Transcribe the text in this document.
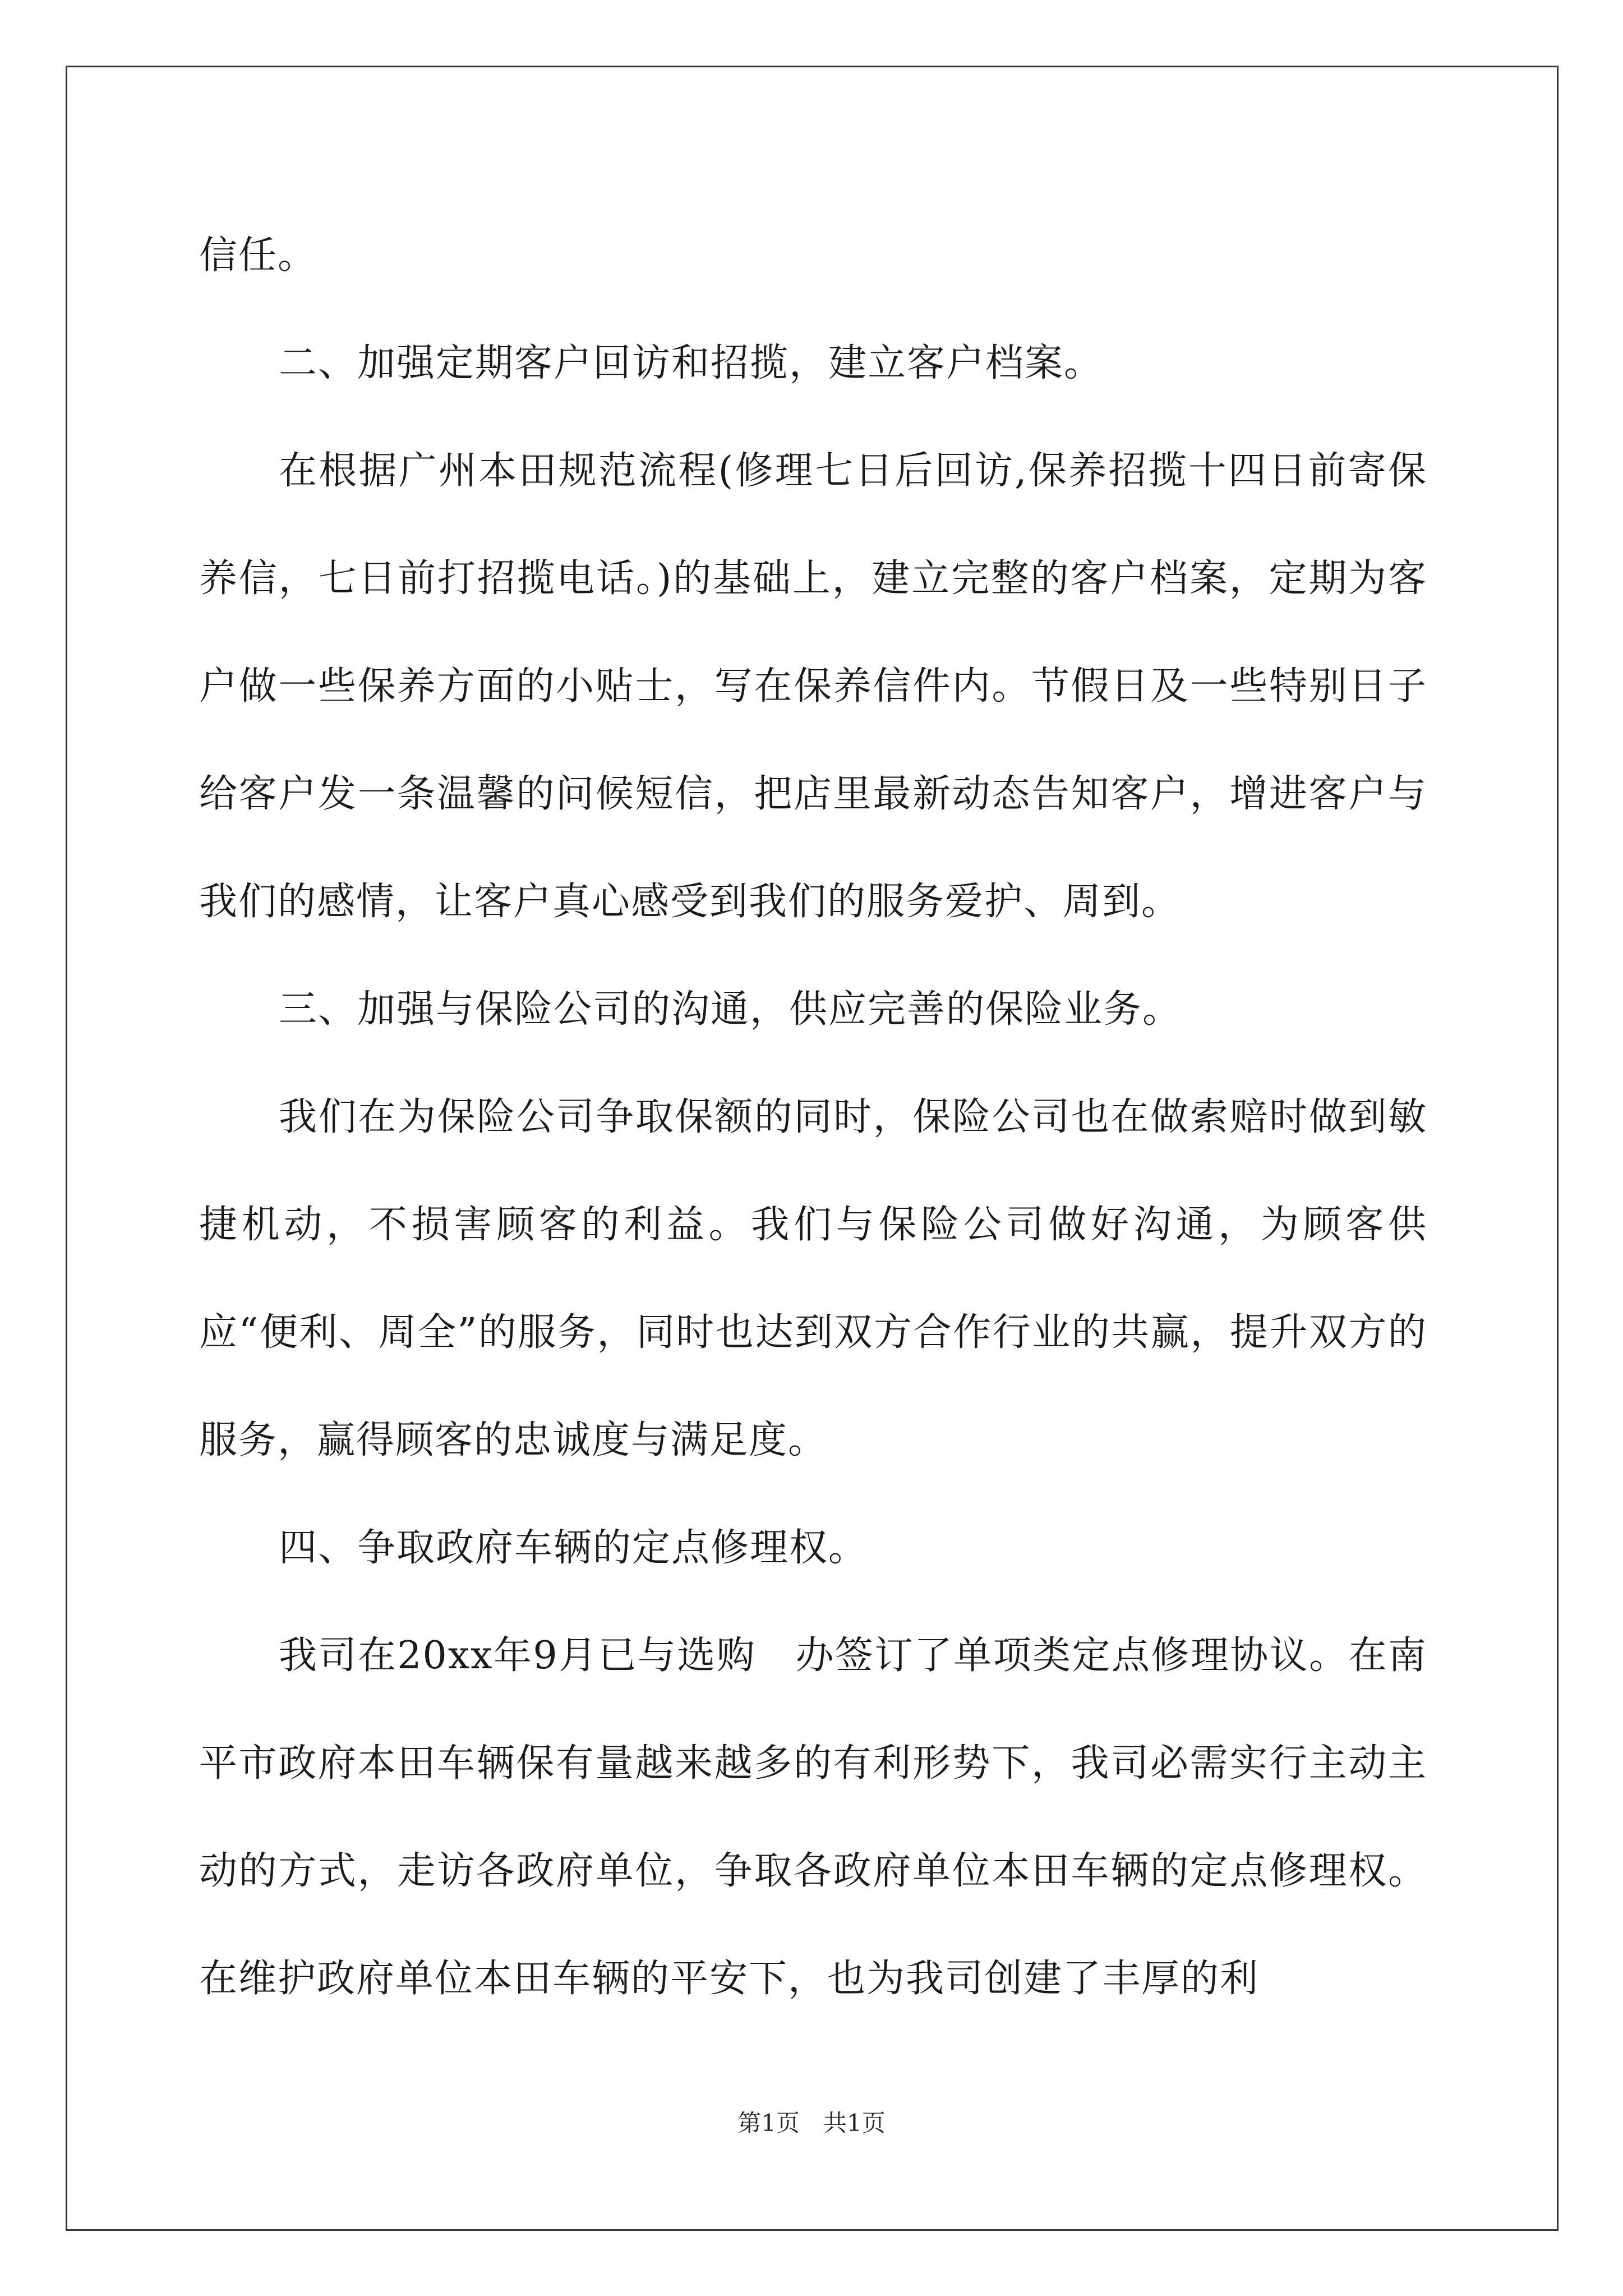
信任。

二、加强定期客户回访和招揽，建立客户档案。

在根据广州本田规范流程(修理七日后回访,保养招揽十四日前寄保养信，七日前打招揽电话。)的基础上，建立完整的客户档案，定期为客户做一些保养方面的小贴士，写在保养信件内。节假日及一些特别日子给客户发一条温馨的问候短信，把店里最新动态告知客户，增进客户与我们的感情，让客户真心感受到我们的服务爱护、周到。

三、加强与保险公司的沟通，供应完善的保险业务。

我们在为保险公司争取保额的同时，保险公司也在做索赔时做到敏捷机动，不损害顾客的利益。我们与保险公司做好沟通，为顾客供应“便利、周全”的服务，同时也达到双方合作行业的共赢，提升双方的服务，赢得顾客的忠诚度与满足度。

四、争取政府车辆的定点修理权。

我司在20xx年9月已与选购　办签订了单项类定点修理协议。在南平市政府本田车辆保有量越来越多的有利形势下，我司必需实行主动主动的方式，走访各政府单位，争取各政府单位本田车辆的定点修理权。在维护政府单位本田车辆的平安下，也为我司创建了丰厚的利

第1页　共1页
